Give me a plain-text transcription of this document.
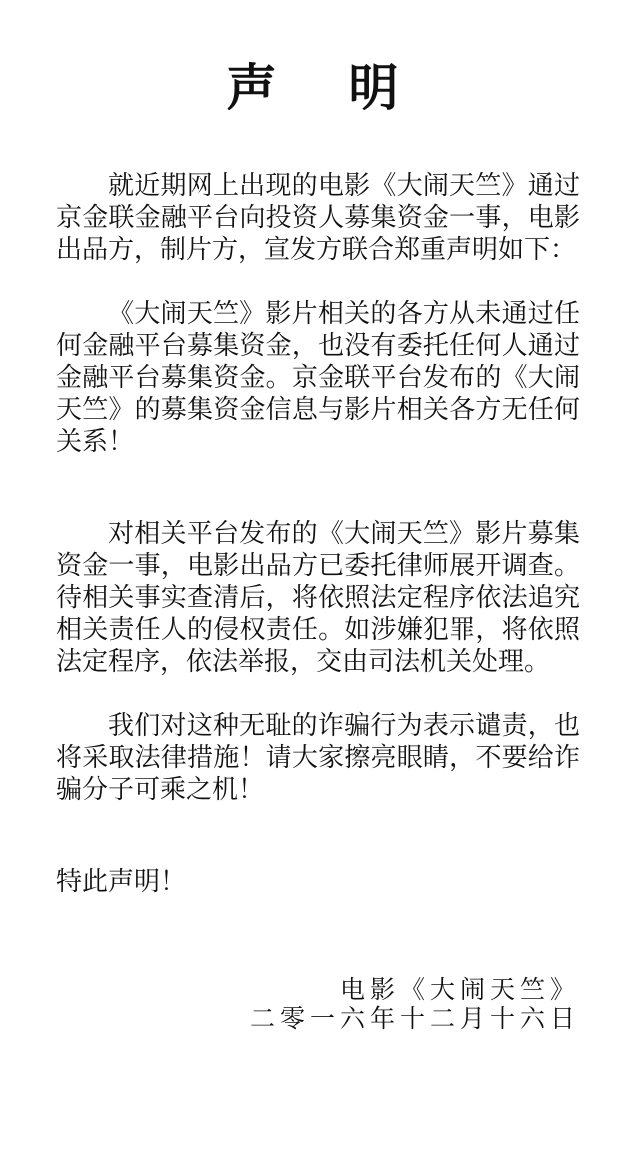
声　明

就近期网上出现的电影《大闹天竺》通过京金联金融平台向投资人募集资金一事，电影出品方，制片方，宣发方联合郑重声明如下：

《大闹天竺》影片相关的各方从未通过任何金融平台募集资金，也没有委托任何人通过金融平台募集资金。京金联平台发布的《大闹天竺》的募集资金信息与影片相关各方无任何关系！

对相关平台发布的《大闹天竺》影片募集资金一事，电影出品方已委托律师展开调查。待相关事实查清后，将依照法定程序依法追究相关责任人的侵权责任。如涉嫌犯罪，将依照法定程序，依法举报，交由司法机关处理。

我们对这种无耻的诈骗行为表示谴责，也将采取法律措施！请大家擦亮眼睛，不要给诈骗分子可乘之机！

特此声明！

电影《大闹天竺》

二零一六年十二月十六日
